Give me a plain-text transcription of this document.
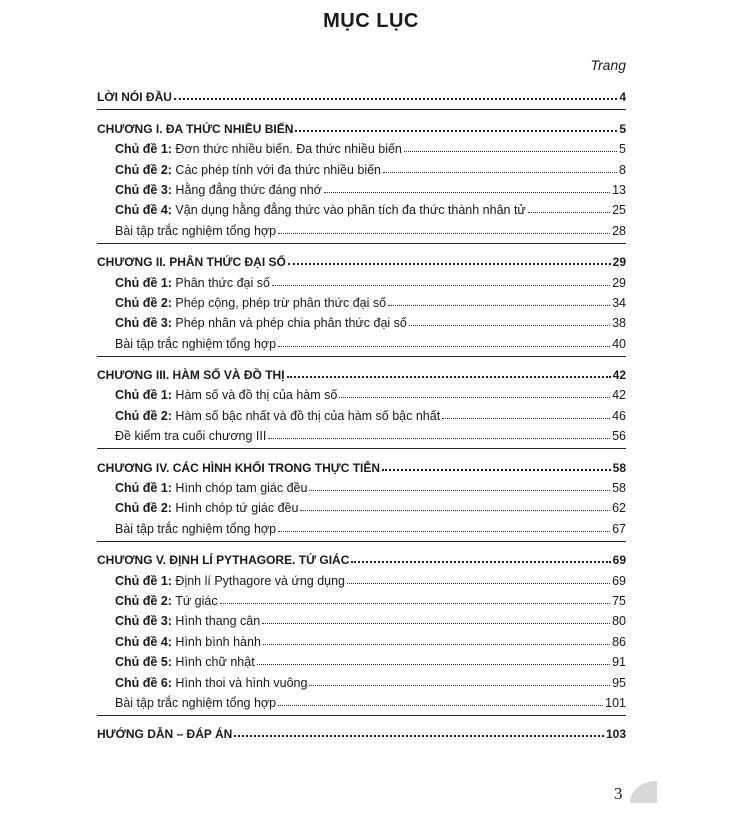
MỤC LỤC
Trang
LỜI NÓI ĐẦU	4
CHƯƠNG I. ĐA THỨC NHIỀU BIẾN	5
Chủ đề 1: Đơn thức nhiều biến. Đa thức nhiều biến	5
Chủ đề 2: Các phép tính với đa thức nhiều biến	8
Chủ đề 3: Hằng đẳng thức đáng nhớ	13
Chủ đề 4: Vận dụng hằng đẳng thức vào phân tích đa thức thành nhân tử	25
Bài tập trắc nghiệm tổng hợp	28
CHƯƠNG II. PHÂN THỨC ĐẠI SỐ	29
Chủ đề 1: Phân thức đại số	29
Chủ đề 2: Phép cộng, phép trừ phân thức đại số	34
Chủ đề 3: Phép nhân và phép chia phân thức đại số	38
Bài tập trắc nghiệm tổng hợp	40
CHƯƠNG III. HÀM SỐ VÀ ĐỒ THỊ	42
Chủ đề 1: Hàm số và đồ thị của hàm số	42
Chủ đề 2: Hàm số bậc nhất và đồ thị của hàm số bậc nhất	46
Đề kiểm tra cuối chương III	56
CHƯƠNG IV. CÁC HÌNH KHỐI TRONG THỰC TIỄN	58
Chủ đề 1: Hình chóp tam giác đều	58
Chủ đề 2: Hình chóp tứ giác đều	62
Bài tập trắc nghiệm tổng hợp	67
CHƯƠNG V. ĐỊNH LÍ PYTHAGORE. TỨ GIÁC	69
Chủ đề 1: Định lí Pythagore và ứng dụng	69
Chủ đề 2: Tứ giác	75
Chủ đề 3: Hình thang cân	80
Chủ đề 4: Hình bình hành	86
Chủ đề 5: Hình chữ nhật	91
Chủ đề 6: Hình thoi và hình vuông	95
Bài tập trắc nghiệm tổng hợp	101
HƯỚNG DẪN – ĐÁP ÁN	103
3
